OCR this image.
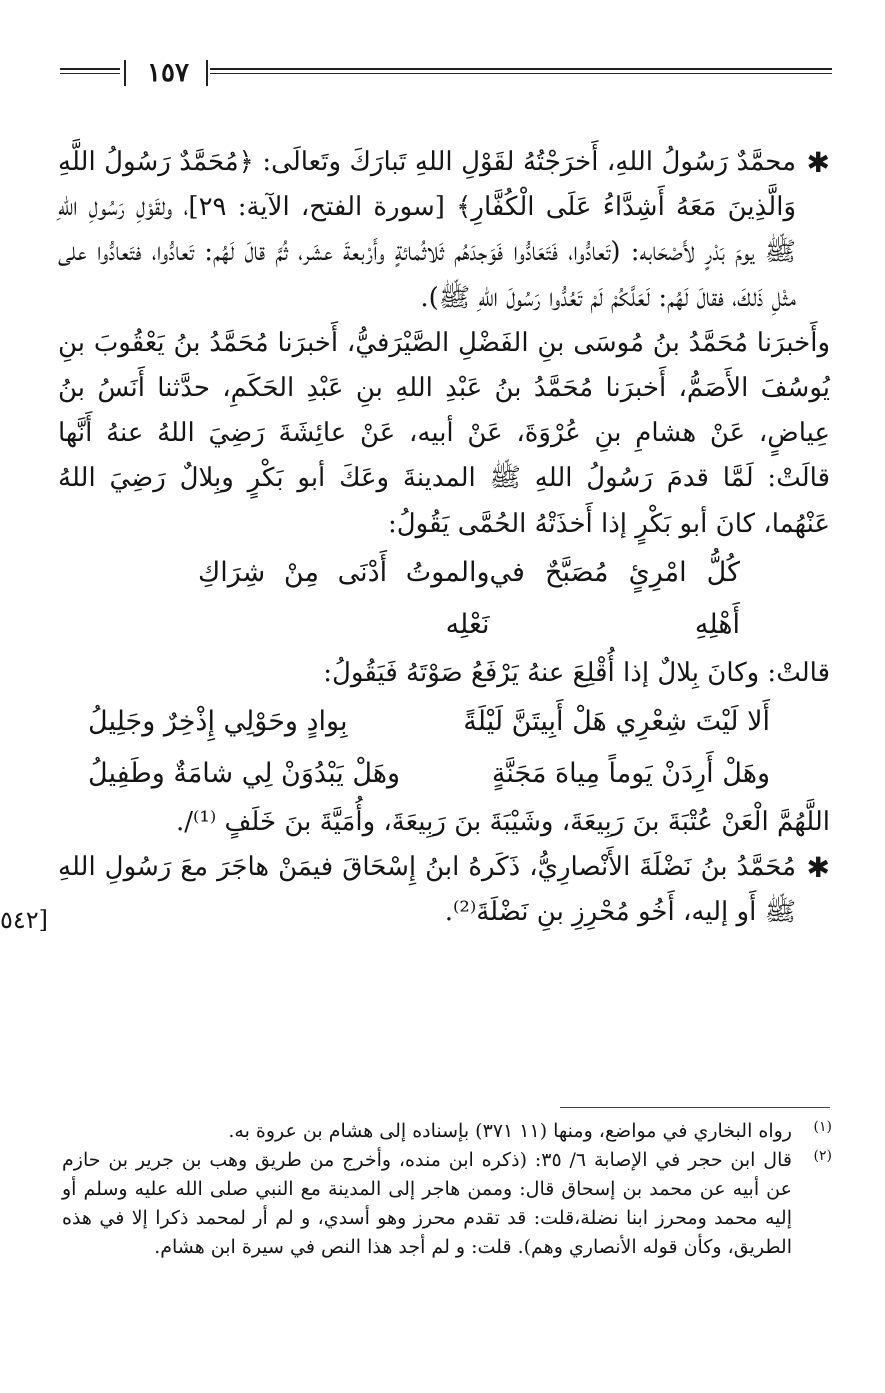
١٥٧

✱
محمَّدٌ رَسُولُ اللهِ، أَخرَجْتُهُ لقَوْلِ اللهِ تَبارَكَ وتَعالَى: ﴿مُحَمَّدٌ رَسُولُ اللَّهِ وَالَّذِينَ مَعَهُ أَشِدَّاءُ عَلَى الْكُفَّارِ﴾ [سورة الفتح، الآية: ٢٩]، ولقَوْلِ رَسُولِ اللهِ ﷺ يومَ بَدْرٍ لأَصْحَابه: (تَعادُّوا، فَتَعَادُّوا فَوَجدَهُم ثَلاثُمائةٍ وأَرْبعةَ عشَر، ثُمَّ قالَ لَهُم: تَعادُّوا، فتَعادُّوا على مثْلِ ذَلكَ، فقالَ لَهُم: لَعَلَّكُمْ لَمْ تَعُدُّوا رَسُولَ اللهِ ﷺ).

وأَخبرَنا مُحَمَّدُ بنُ مُوسَى بنِ الفَضْلِ الصَّيْرَفيُّ، أَخبرَنا مُحَمَّدُ بنُ يَعْقُوبَ بنِ يُوسُفَ الأَصَمُّ، أَخبرَنا مُحَمَّدُ بنُ عَبْدِ اللهِ بنِ عَبْدِ الحَكَمِ، حدَّثنا أَنَسُ بنُ عِياضٍ، عَنْ هشامِ بنِ عُرْوَةَ، عَنْ أبيه، عَنْ عائِشَةَ رَضِيَ اللهُ عنهُ أَنَّها قالَتْ: لَمَّا قدمَ رَسُولُ اللهِ ﷺ المدينةَ وعَكَ أبو بَكْرٍ وبِلالٌ رَضِيَ اللهُ عَنْهُما، كانَ أبو بَكْرٍ إذا أَخذَتْهُ الحُمَّى يَقُولُ:

كُلُّ امْرِئٍ مُصَبَّحٌ في أَهْلِهِ
والموتُ أَدْنَى مِنْ شِرَاكِ نَعْلِه

قالتْ: وكانَ بِلالٌ إذا أُقْلِعَ عنهُ يَرْفَعُ صَوْتَهُ فَيَقُولُ:

أَلا لَيْتَ شِعْرِي هَلْ أَبِيتَنَّ لَيْلَةً
بِوادٍ وحَوْلِي إِذْخِرٌ وجَلِيلُ
وهَلْ أَرِدَنْ يَوماً مِياهَ مَجَنَّةٍ
وهَلْ يَبْدُوَنْ لِي شامَةٌ وطَفِيلُ

اللَّهُمَّ الْعَنْ عُتْبَةَ بنَ رَبِيعَةَ، وشَيْبَةَ بنَ رَبِيعَةَ، وأُمَيَّةَ بنَ خَلَفٍ ⁽¹⁾/.

✱
مُحَمَّدُ بنُ نَضْلَةَ الأَنْصارِيُّ، ذَكَرهُ ابنُ إِسْحَاقَ فيمَنْ هاجَرَ معَ رَسُولِ اللهِ ﷺ أَو إليه، أَخُو مُحْرِزِ بنِ نَضْلَةَ⁽²⁾.

[٥٤٢

(١)
رواه البخاري في مواضع، ومنها (١١ ٣٧١) بإسناده إلى هشام بن عروة به.

(٢)
قال ابن حجر في الإصابة ٦/ ٣٥: (ذكره ابن منده، وأخرج من طريق وهب بن جرير بن حازم عن أبيه عن محمد بن إسحاق قال: وممن هاجر إلى المدينة مع النبي صلى الله عليه وسلم أو إليه محمد ومحرز ابنا نضلة،قلت: قد تقدم محرز وهو أسدي، و لم أر لمحمد ذكرا إلا في هذه الطريق، وكأن قوله الأنصاري وهم). قلت: و لم أجد هذا النص في سيرة ابن هشام.
